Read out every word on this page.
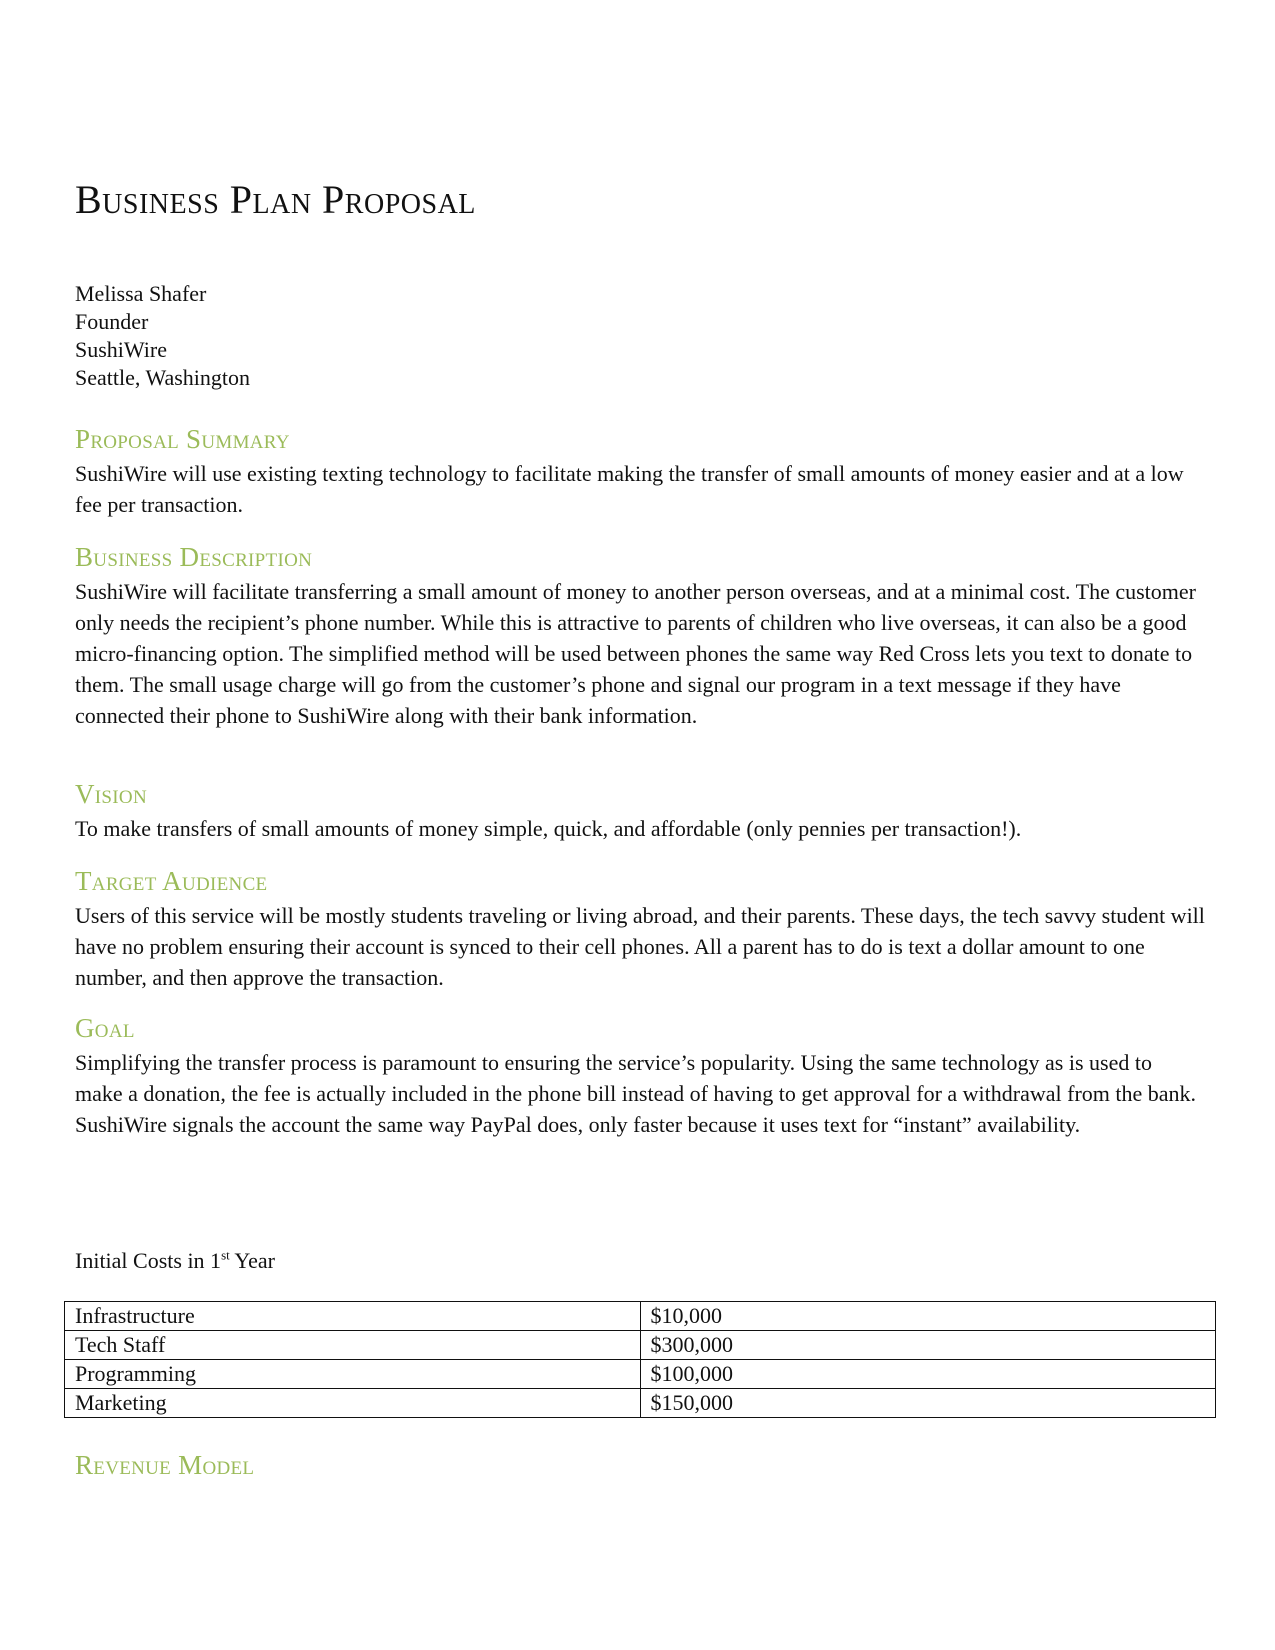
Business Plan Proposal
Melissa Shafer
Founder
SushiWire
Seattle, Washington
Proposal Summary
SushiWire will use existing texting technology to facilitate making the transfer of small amounts of money easier and at a low fee per transaction.
Business Description
SushiWire will facilitate transferring a small amount of money to another person overseas, and at a minimal cost. The customer only needs the recipient’s phone number. While this is attractive to parents of children who live overseas, it can also be a good micro-financing option. The simplified method will be used between phones the same way Red Cross lets you text to donate to them. The small usage charge will go from the customer’s phone and signal our program in a text message if they have connected their phone to SushiWire along with their bank information.
Vision
To make transfers of small amounts of money simple, quick, and affordable (only pennies per transaction!).
Target Audience
Users of this service will be mostly students traveling or living abroad, and their parents. These days, the tech savvy student will have no problem ensuring their account is synced to their cell phones. All a parent has to do is text a dollar amount to one number, and then approve the transaction.
Goal
Simplifying the transfer process is paramount to ensuring the service’s popularity. Using the same technology as is used to make a donation, the fee is actually included in the phone bill instead of having to get approval for a withdrawal from the bank. SushiWire signals the account the same way PayPal does, only faster because it uses text for “instant” availability.
Initial Costs in 1st Year
Infrastructure	$10,000
Tech Staff	$300,000
Programming	$100,000
Marketing	$150,000
Revenue Model
